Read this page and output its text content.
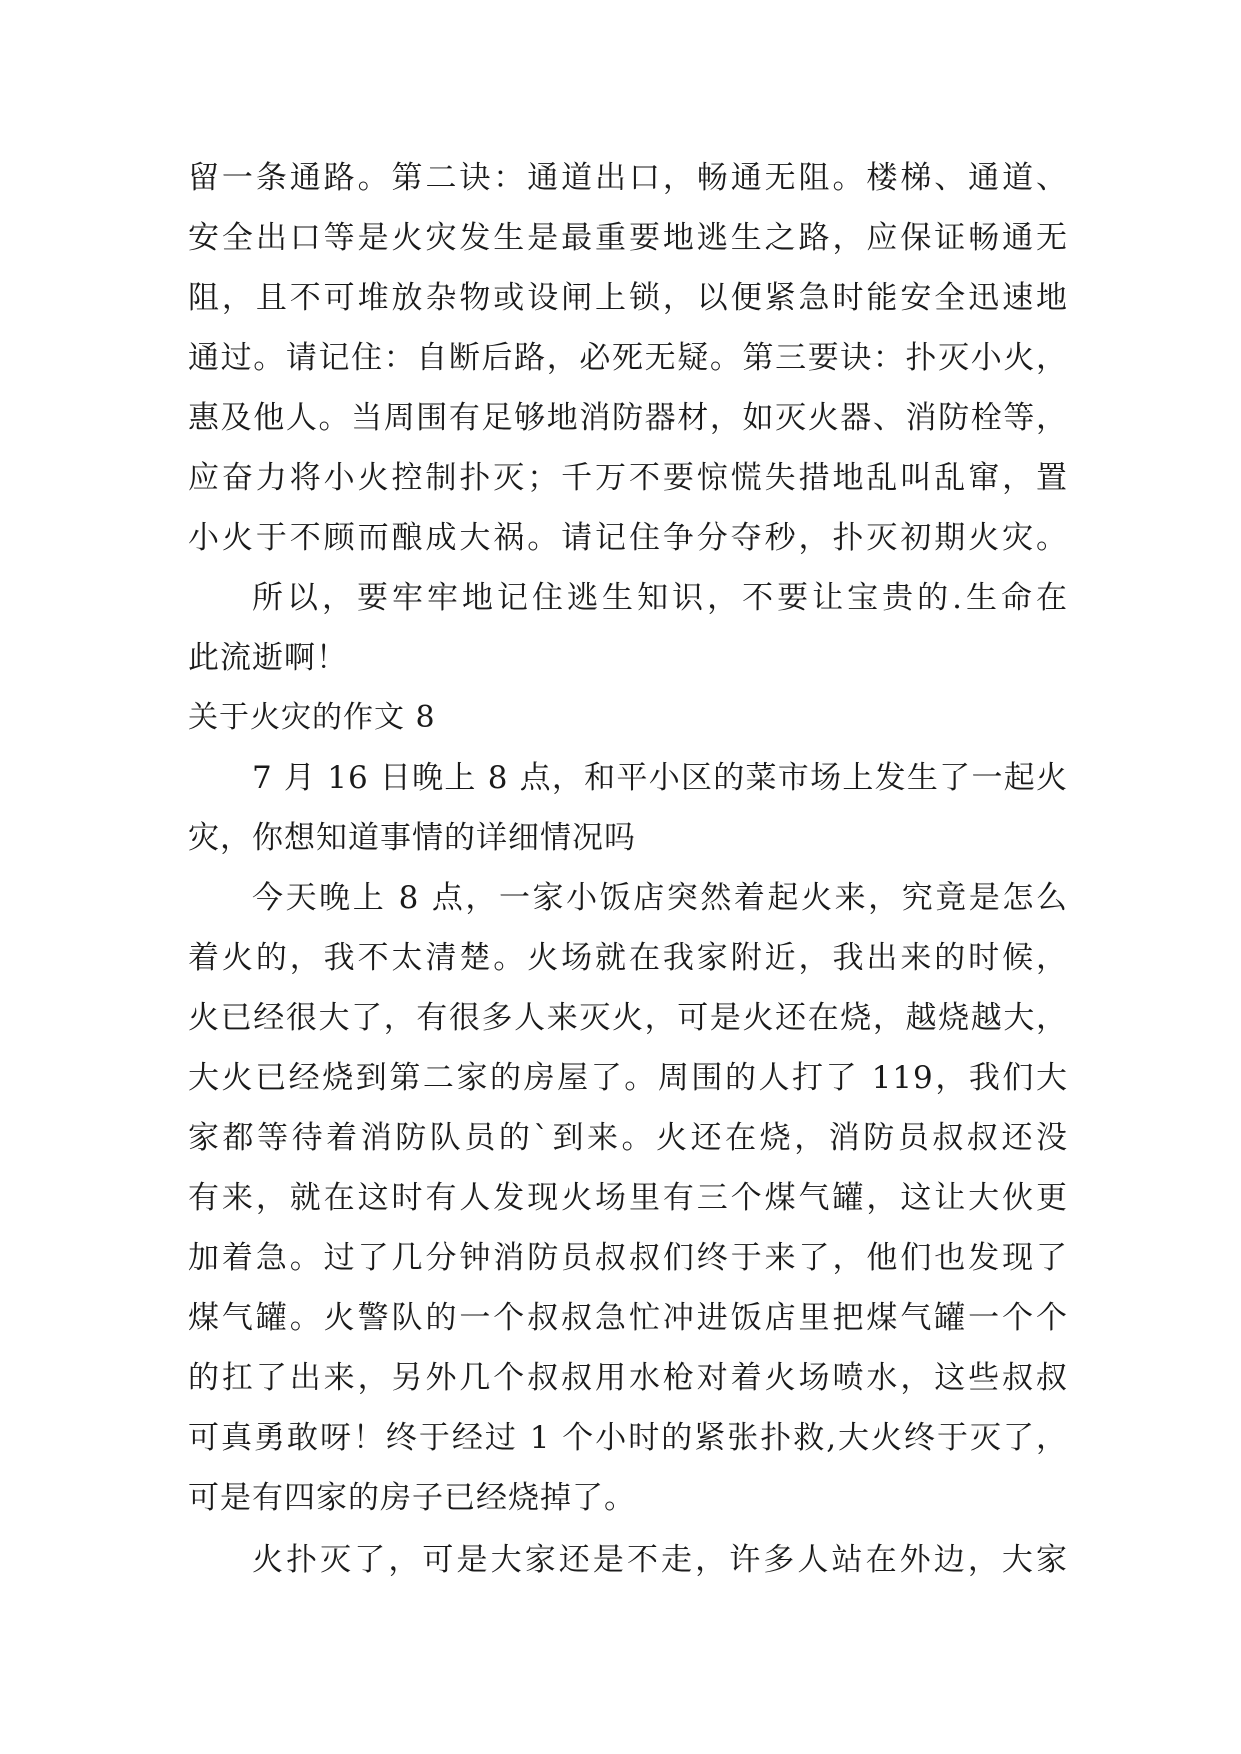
留一条通路。第二诀：通道出口，畅通无阻。楼梯、通道、
安全出口等是火灾发生是最重要地逃生之路，应保证畅通无
阻，且不可堆放杂物或设闸上锁，以便紧急时能安全迅速地
通过。请记住：自断后路，必死无疑。第三要诀：扑灭小火，
惠及他人。当周围有足够地消防器材，如灭火器、消防栓等，
应奋力将小火控制扑灭；千万不要惊慌失措地乱叫乱窜，置
小火于不顾而酿成大祸。请记住争分夺秒，扑灭初期火灾。
所以，要牢牢地记住逃生知识，不要让宝贵的.生命在
此流逝啊！
关于火灾的作文 8
7 月 16 日晚上 8 点，和平小区的菜市场上发生了一起火
灾，你想知道事情的详细情况吗
今天晚上 8 点，一家小饭店突然着起火来，究竟是怎么
着火的，我不太清楚。火场就在我家附近，我出来的时候，
火已经很大了，有很多人来灭火，可是火还在烧，越烧越大，
大火已经烧到第二家的房屋了。周围的人打了 119，我们大
家都等待着消防队员的`到来。火还在烧，消防员叔叔还没
有来，就在这时有人发现火场里有三个煤气罐，这让大伙更
加着急。过了几分钟消防员叔叔们终于来了，他们也发现了
煤气罐。火警队的一个叔叔急忙冲进饭店里把煤气罐一个个
的扛了出来，另外几个叔叔用水枪对着火场喷水，这些叔叔
可真勇敢呀！终于经过 1 个小时的紧张扑救,大火终于灭了，
可是有四家的房子已经烧掉了。
火扑灭了，可是大家还是不走，许多人站在外边，大家
